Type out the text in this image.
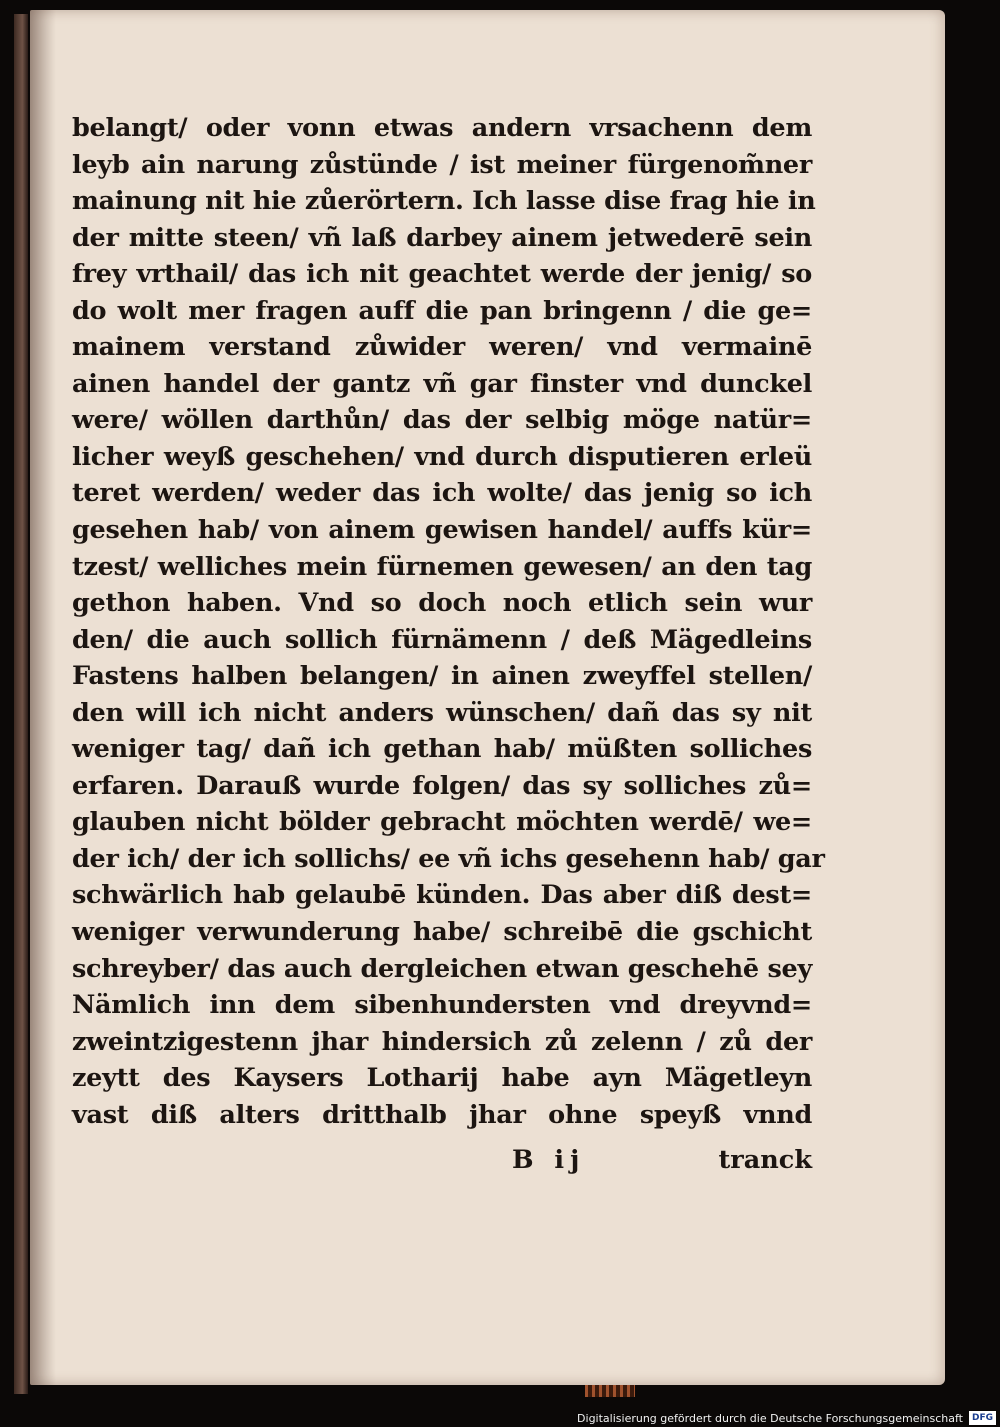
belangt/ oder vonn etwas andern vrsachenn dem
leyb ain narung zůstünde / ist meiner fürgenom̃ner
mainung nit hie zůerörtern. Ich lasse dise frag hie in
der mitte steen/ vñ laß darbey ainem jetwederē sein
frey vrthail/ das ich nit geachtet werde der jenig/ so
do wolt mer fragen auff die pan bringenn / die ge=
mainem verstand zůwider weren/ vnd vermainē
ainen handel der gantz vñ gar finster vnd dunckel
were/ wöllen darthůn/ das der selbig möge natür=
licher weyß geschehen/ vnd durch disputieren erleü
teret werden/ weder das ich wolte/ das jenig so ich
gesehen hab/ von ainem gewisen handel/ auffs kür=
tzest/ welliches mein fürnemen gewesen/ an den tag
gethon haben. Vnd so doch noch etlich sein wur
den/ die auch sollich fürnämenn / deß Mägedleins
Fastens halben belangen/ in ainen zweyffel stellen/
den will ich nicht anders wünschen/ dañ das sy nit
weniger tag/ dañ ich gethan hab/ müßten solliches
erfaren. Darauß wurde folgen/ das sy solliches zů=
glauben nicht bölder gebracht möchten werdē/ we=
der ich/ der ich sollichs/ ee vñ ichs gesehenn hab/ gar
schwärlich hab gelaubē künden. Das aber diß dest=
weniger verwunderung habe/ schreibē die gschicht
schreyber/ das auch dergleichen etwan geschehē sey
Nämlich inn dem sibenhundersten vnd dreyvnd=
zweintzigestenn jhar hindersich zů zelenn / zů der
zeytt des Kaysers Lotharij habe ayn Mägetleyn
vast diß alters dritthalb jhar ohne speyß vnnd
B ij	tranck
Digitalisierung gefördert durch die Deutsche Forschungsgemeinschaft	DFG
